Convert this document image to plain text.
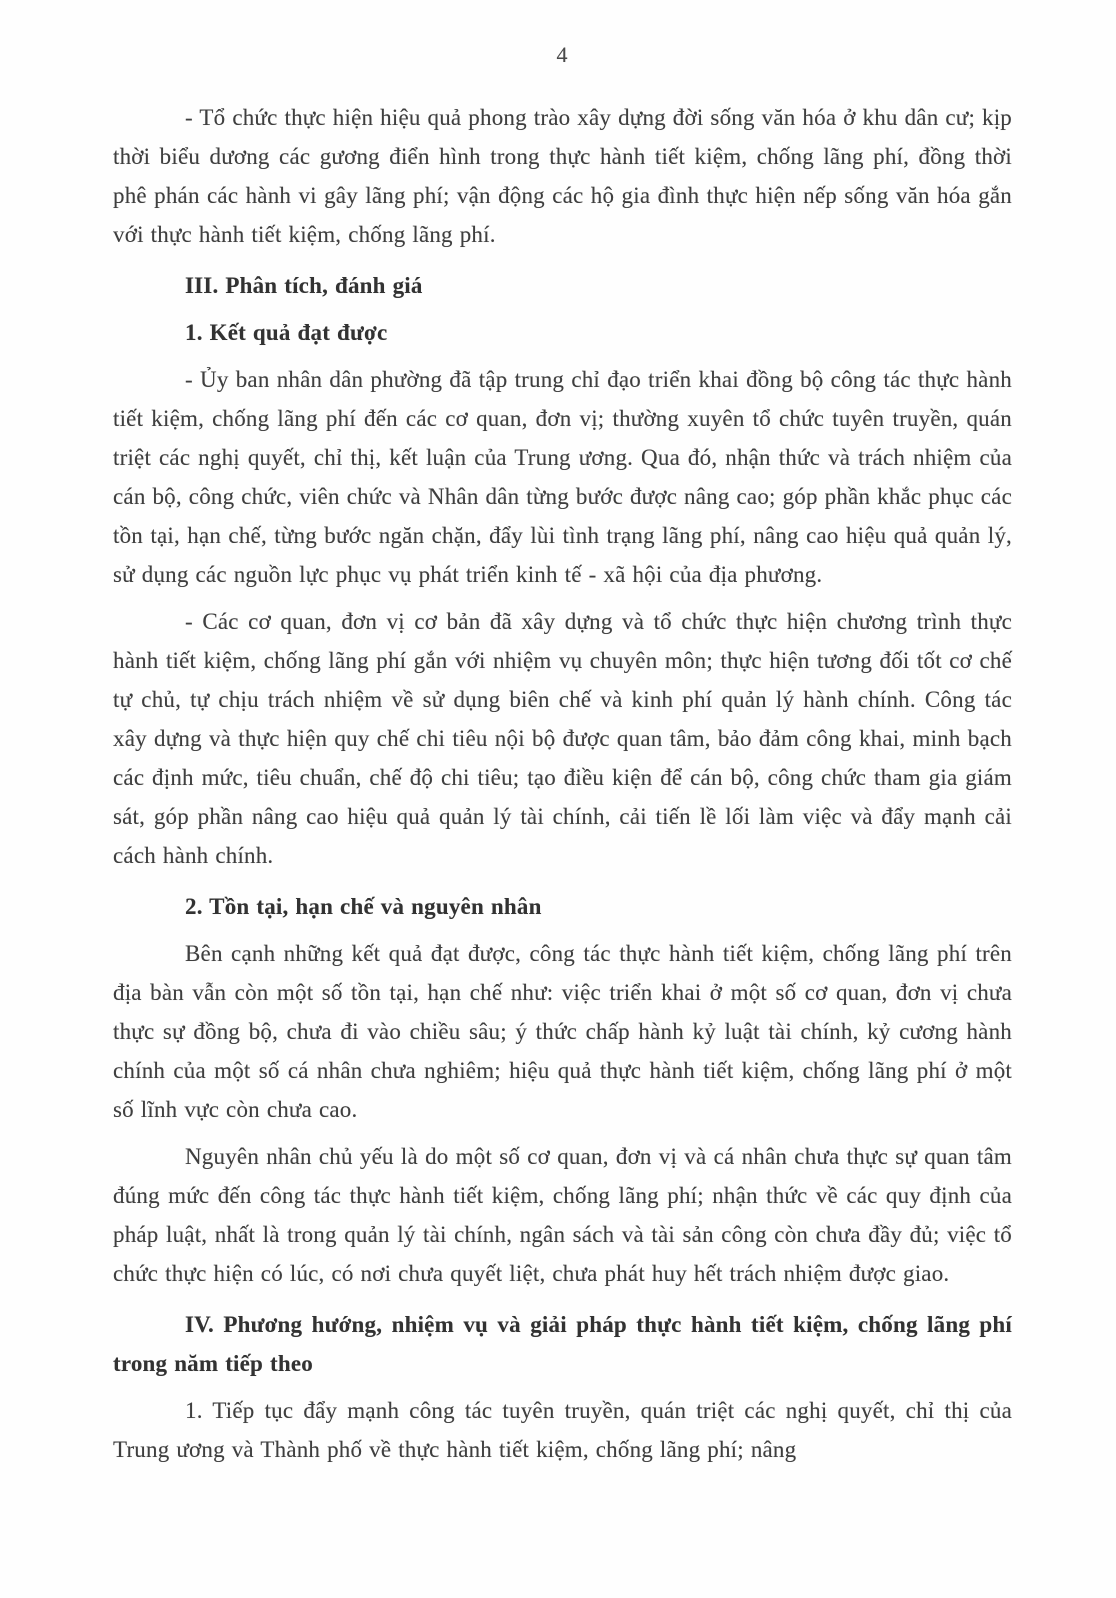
4

- Tổ chức thực hiện hiệu quả phong trào xây dựng đời sống văn hóa ở khu dân cư; kịp thời biểu dương các gương điển hình trong thực hành tiết kiệm, chống lãng phí, đồng thời phê phán các hành vi gây lãng phí; vận động các hộ gia đình thực hiện nếp sống văn hóa gắn với thực hành tiết kiệm, chống lãng phí.

III. Phân tích, đánh giá

1. Kết quả đạt được

- Ủy ban nhân dân phường đã tập trung chỉ đạo triển khai đồng bộ công tác thực hành tiết kiệm, chống lãng phí đến các cơ quan, đơn vị; thường xuyên tổ chức tuyên truyền, quán triệt các nghị quyết, chỉ thị, kết luận của Trung ương. Qua đó, nhận thức và trách nhiệm của cán bộ, công chức, viên chức và Nhân dân từng bước được nâng cao; góp phần khắc phục các tồn tại, hạn chế, từng bước ngăn chặn, đẩy lùi tình trạng lãng phí, nâng cao hiệu quả quản lý, sử dụng các nguồn lực phục vụ phát triển kinh tế - xã hội của địa phương.

- Các cơ quan, đơn vị cơ bản đã xây dựng và tổ chức thực hiện chương trình thực hành tiết kiệm, chống lãng phí gắn với nhiệm vụ chuyên môn; thực hiện tương đối tốt cơ chế tự chủ, tự chịu trách nhiệm về sử dụng biên chế và kinh phí quản lý hành chính. Công tác xây dựng và thực hiện quy chế chi tiêu nội bộ được quan tâm, bảo đảm công khai, minh bạch các định mức, tiêu chuẩn, chế độ chi tiêu; tạo điều kiện để cán bộ, công chức tham gia giám sát, góp phần nâng cao hiệu quả quản lý tài chính, cải tiến lề lối làm việc và đẩy mạnh cải cách hành chính.

2. Tồn tại, hạn chế và nguyên nhân

Bên cạnh những kết quả đạt được, công tác thực hành tiết kiệm, chống lãng phí trên địa bàn vẫn còn một số tồn tại, hạn chế như: việc triển khai ở một số cơ quan, đơn vị chưa thực sự đồng bộ, chưa đi vào chiều sâu; ý thức chấp hành kỷ luật tài chính, kỷ cương hành chính của một số cá nhân chưa nghiêm; hiệu quả thực hành tiết kiệm, chống lãng phí ở một số lĩnh vực còn chưa cao.

Nguyên nhân chủ yếu là do một số cơ quan, đơn vị và cá nhân chưa thực sự quan tâm đúng mức đến công tác thực hành tiết kiệm, chống lãng phí; nhận thức về các quy định của pháp luật, nhất là trong quản lý tài chính, ngân sách và tài sản công còn chưa đầy đủ; việc tổ chức thực hiện có lúc, có nơi chưa quyết liệt, chưa phát huy hết trách nhiệm được giao.

IV. Phương hướng, nhiệm vụ và giải pháp thực hành tiết kiệm, chống lãng phí trong năm tiếp theo

1. Tiếp tục đẩy mạnh công tác tuyên truyền, quán triệt các nghị quyết, chỉ thị của Trung ương và Thành phố về thực hành tiết kiệm, chống lãng phí; nâng
